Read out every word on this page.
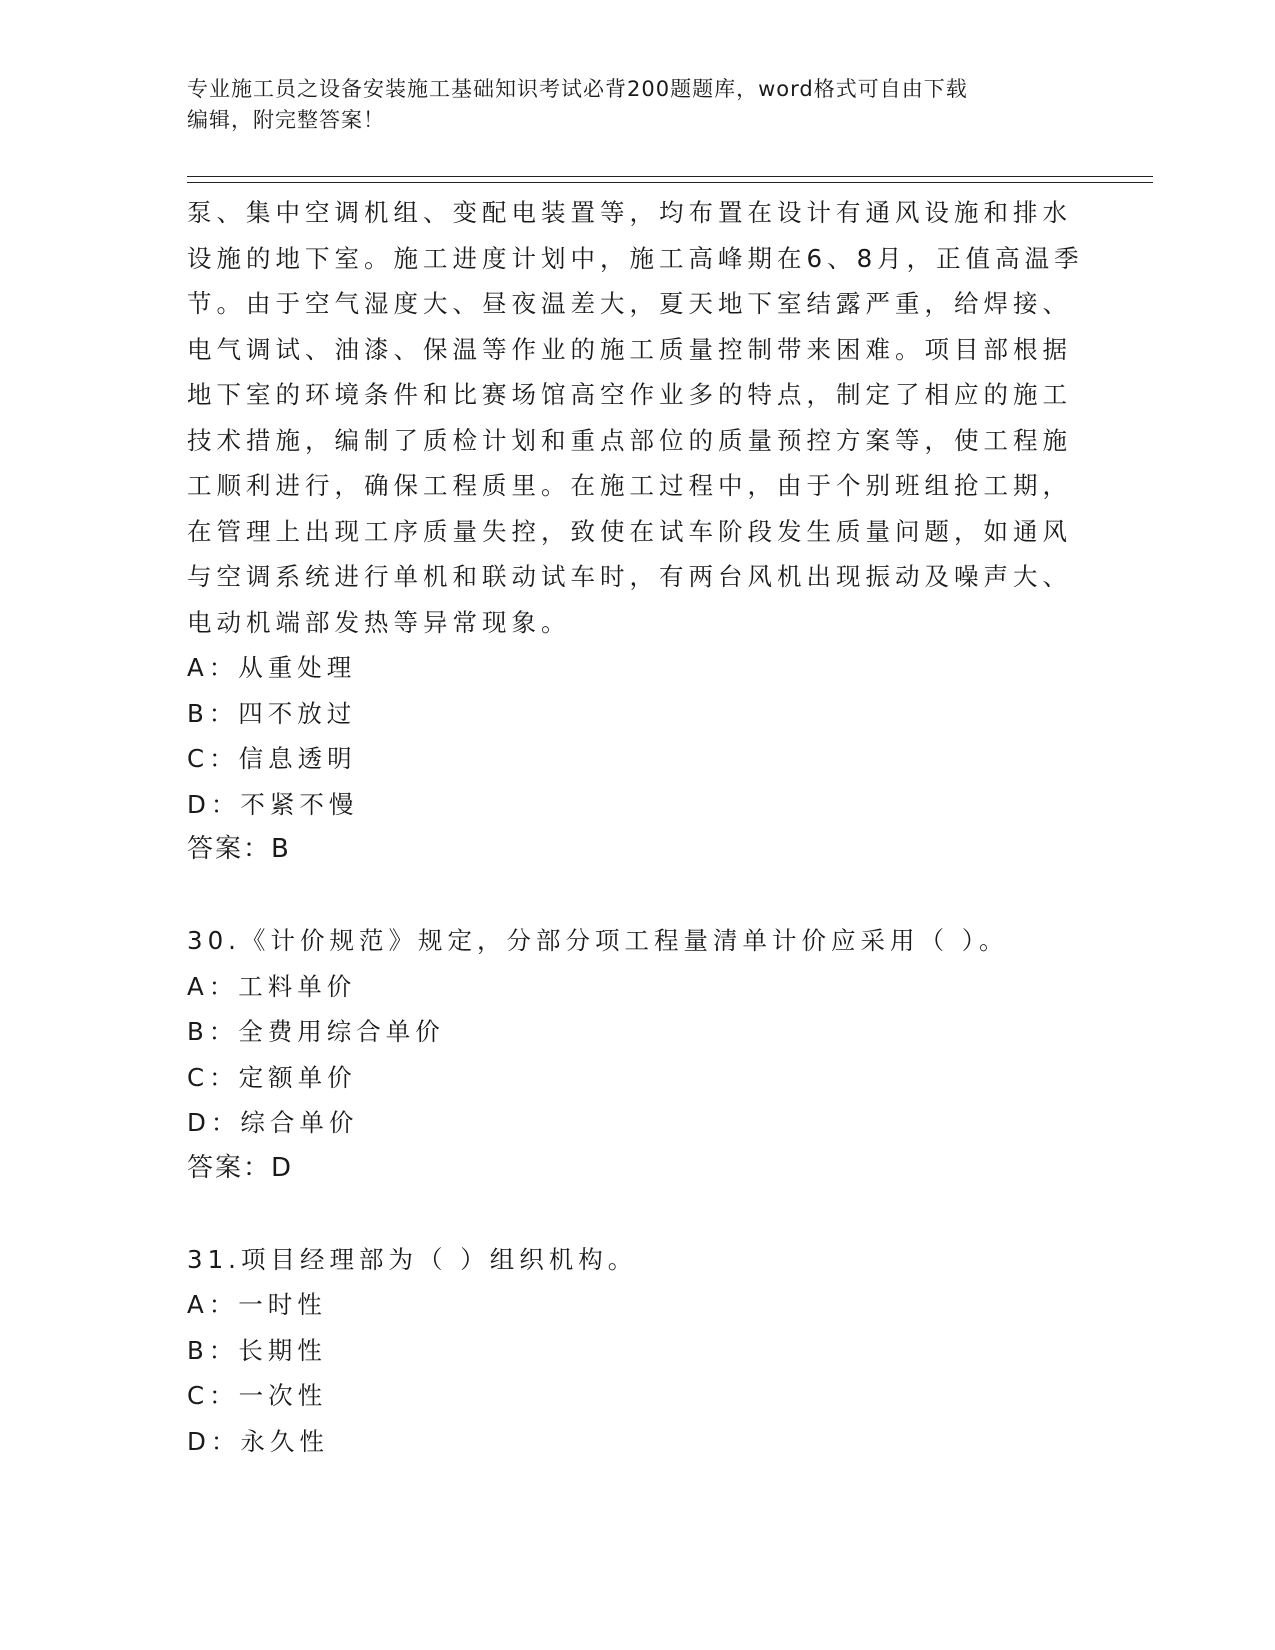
专业施工员之设备安装施工基础知识考试必背200题题库，word格式可自由下载
编辑，附完整答案！
泵、集中空调机组、变配电装置等，均布置在设计有通风设施和排水
设施的地下室。施工进度计划中，施工高峰期在6、8月，正值高温季
节。由于空气湿度大、昼夜温差大，夏天地下室结露严重，给焊接、
电气调试、油漆、保温等作业的施工质量控制带来困难。项目部根据
地下室的环境条件和比赛场馆高空作业多的特点，制定了相应的施工
技术措施，编制了质检计划和重点部位的质量预控方案等，使工程施
工顺利进行，确保工程质里。在施工过程中，由于个别班组抢工期，
在管理上出现工序质量失控，致使在试车阶段发生质量问题，如通风
与空调系统进行单机和联动试车时，有两台风机出现振动及噪声大、
电动机端部发热等异常现象。
A：从重处理
B：四不放过
C：信息透明
D：不紧不慢
答案：B
30.《计价规范》规定，分部分项工程量清单计价应采用（ ）。
A：工料单价
B：全费用综合单价
C：定额单价
D：综合单价
答案：D
31.项目经理部为（ ）组织机构。
A：一时性
B：长期性
C：一次性
D：永久性
